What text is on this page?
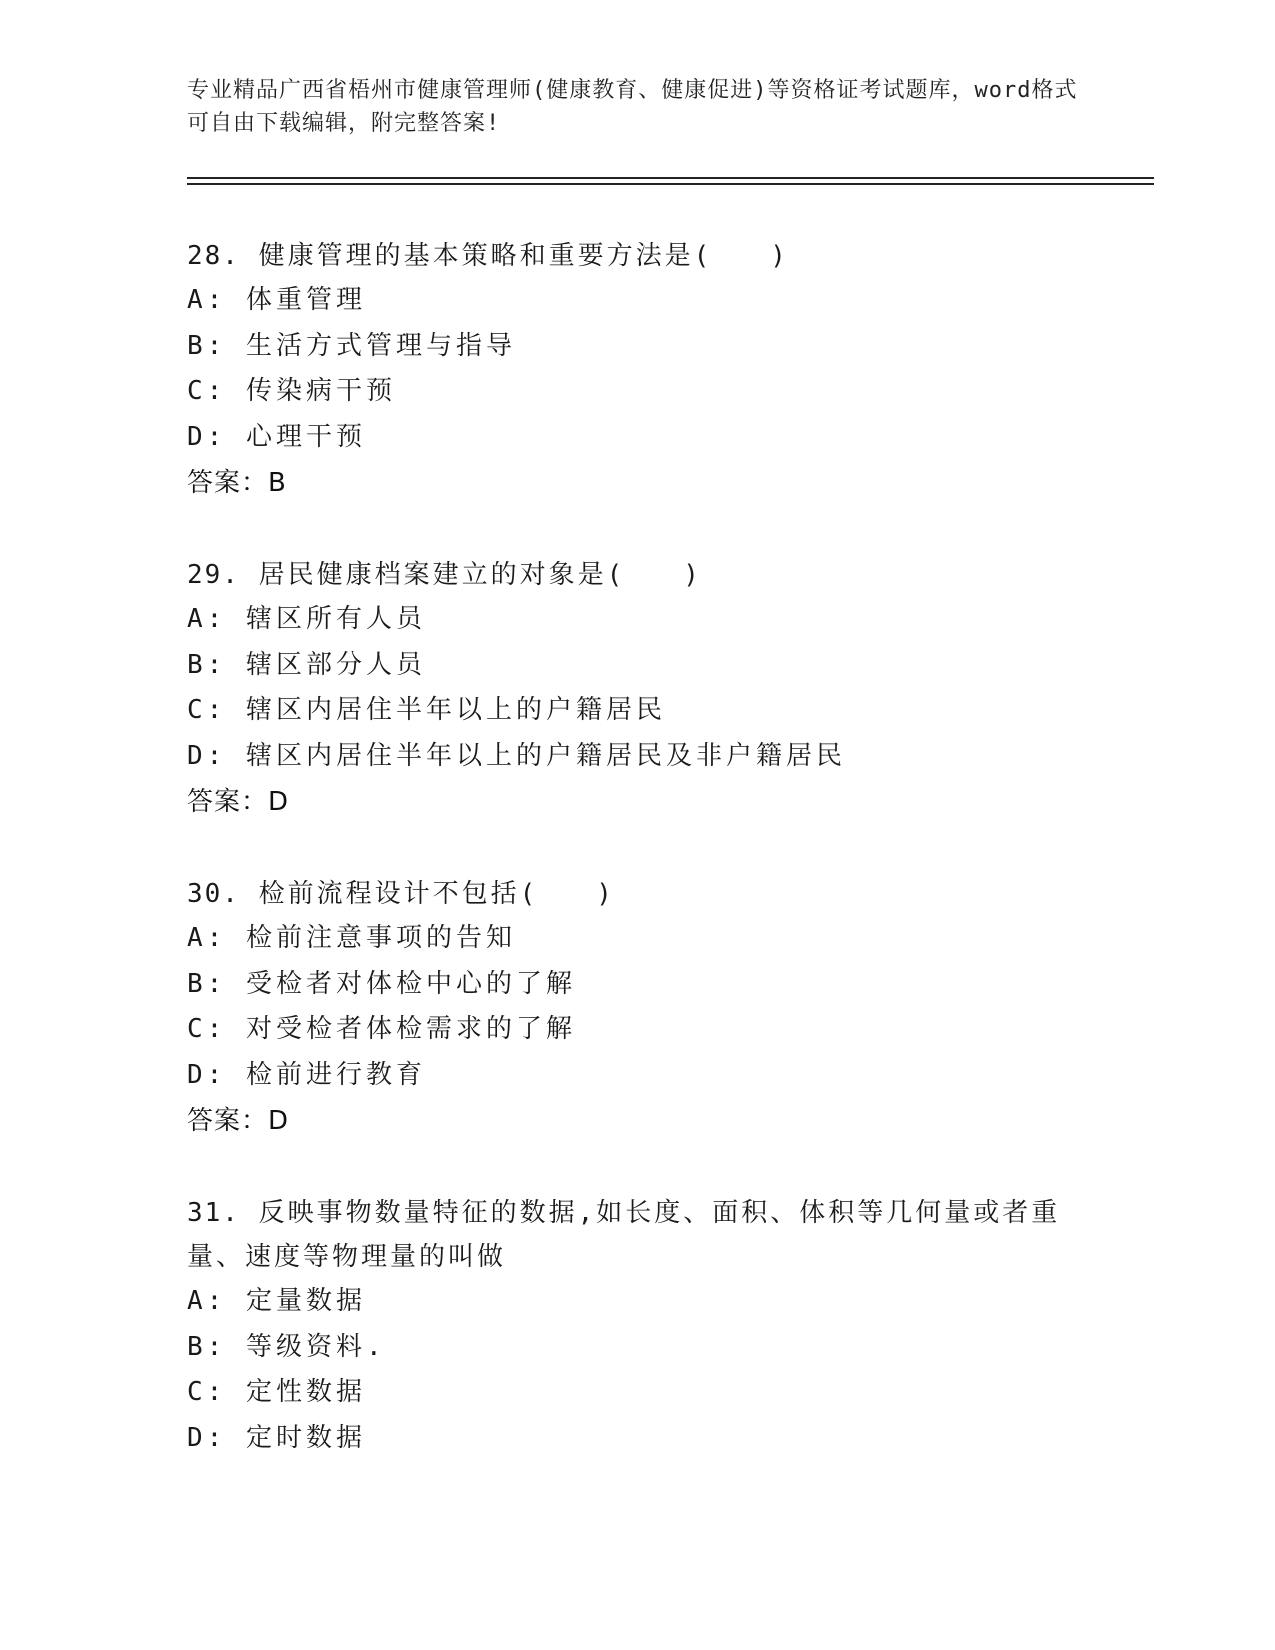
专业精品广西省梧州市健康管理师(健康教育、健康促进)等资格证考试题库，word格式可自由下载编辑，附完整答案!
28. 健康管理的基本策略和重要方法是(　　)
A: 体重管理
B: 生活方式管理与指导
C: 传染病干预
D: 心理干预
答案：B
29. 居民健康档案建立的对象是(　　)
A: 辖区所有人员
B: 辖区部分人员
C: 辖区内居住半年以上的户籍居民
D: 辖区内居住半年以上的户籍居民及非户籍居民
答案：D
30. 检前流程设计不包括(　　)
A: 检前注意事项的告知
B: 受检者对体检中心的了解
C: 对受检者体检需求的了解
D: 检前进行教育
答案：D
31. 反映事物数量特征的数据,如长度、面积、体积等几何量或者重量、速度等物理量的叫做
A: 定量数据
B: 等级资料.
C: 定性数据
D: 定时数据
